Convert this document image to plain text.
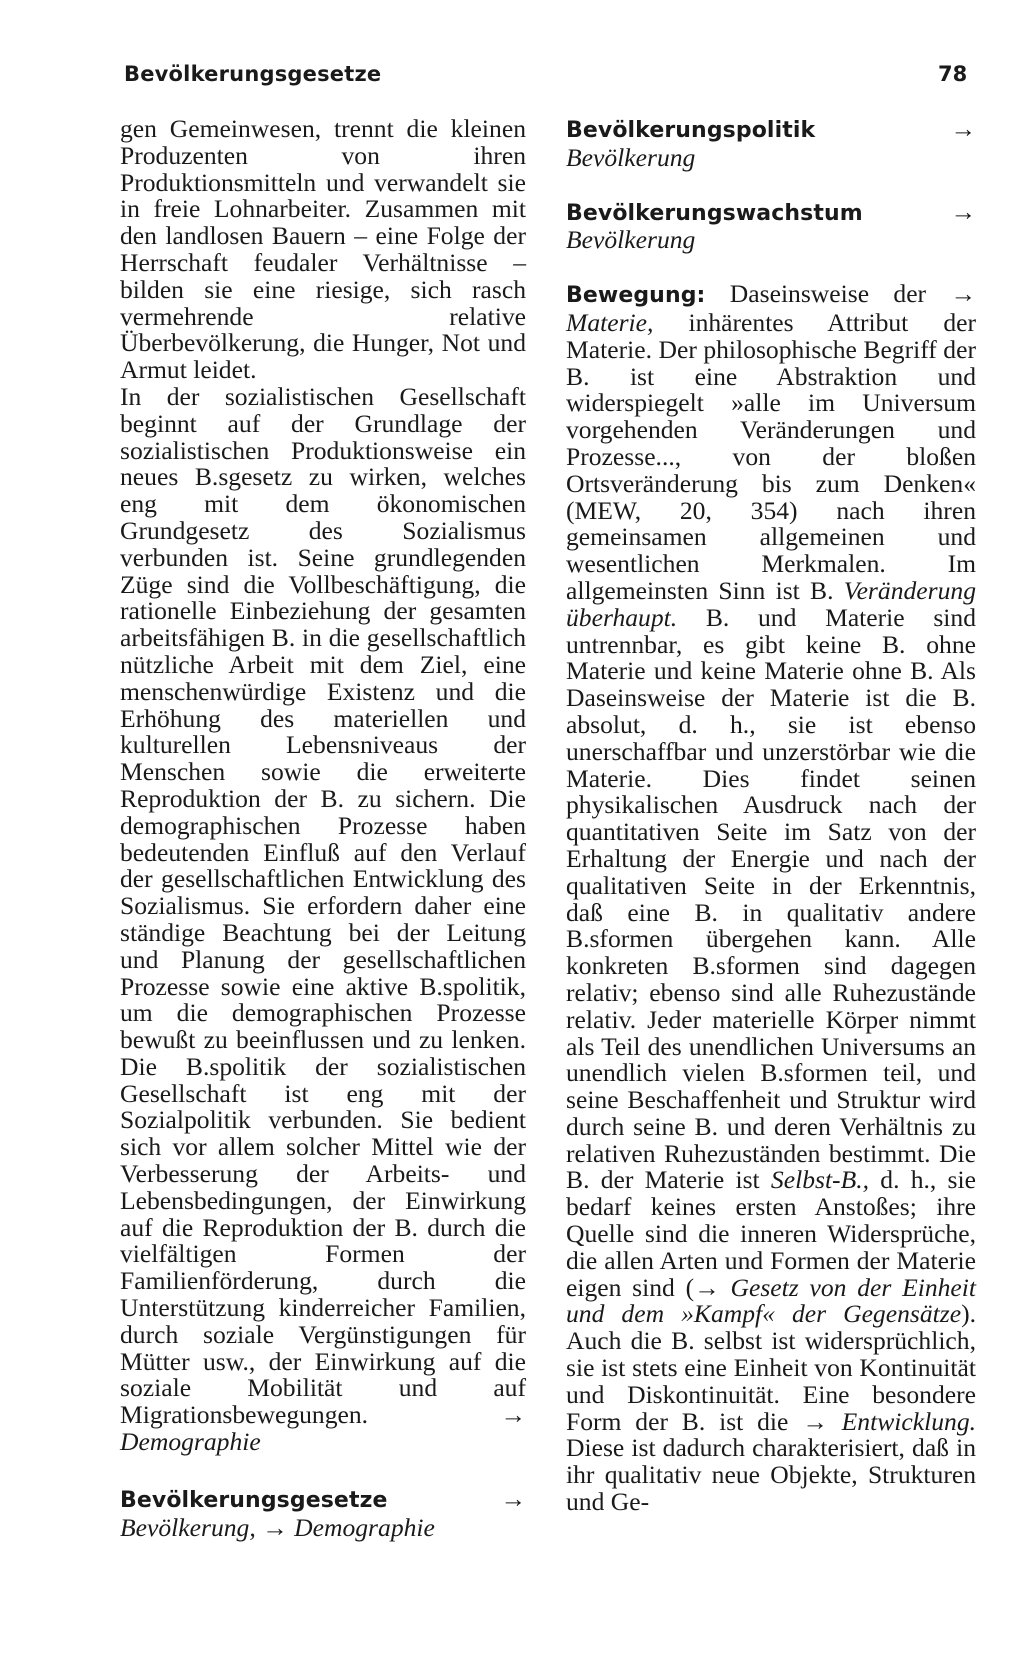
Bevölkerungsgesetze	78

gen Gemeinwesen, trennt die kleinen Produzenten von ihren Produktionsmitteln und verwandelt sie in freie Lohnarbeiter. Zusammen mit den landlosen Bauern – eine Folge der Herrschaft feudaler Verhältnisse – bilden sie eine riesige, sich rasch vermehrende relative Überbevölkerung, die Hunger, Not und Armut leidet.

In der sozialistischen Gesellschaft beginnt auf der Grundlage der sozialistischen Produktionsweise ein neues B.sgesetz zu wirken, welches eng mit dem ökonomischen Grundgesetz des Sozialismus verbunden ist. Seine grundlegenden Züge sind die Vollbeschäftigung, die rationelle Einbeziehung der gesamten arbeitsfähigen B. in die gesellschaftlich nützliche Arbeit mit dem Ziel, eine menschenwürdige Existenz und die Erhöhung des materiellen und kulturellen Lebensniveaus der Menschen sowie die erweiterte Reproduktion der B. zu sichern. Die demographischen Prozesse haben bedeutenden Einfluß auf den Verlauf der gesellschaftlichen Entwicklung des Sozialismus. Sie erfordern daher eine ständige Beachtung bei der Leitung und Planung der gesellschaftlichen Prozesse sowie eine aktive B.spolitik, um die demographischen Prozesse bewußt zu beeinflussen und zu lenken. Die B.spolitik der sozialistischen Gesellschaft ist eng mit der Sozialpolitik verbunden. Sie bedient sich vor allem solcher Mittel wie der Verbesserung der Arbeits- und Lebensbedingungen, der Einwirkung auf die Reproduktion der B. durch die vielfältigen Formen der Familienförderung, durch die Unterstützung kinderreicher Familien, durch soziale Vergünstigungen für Mütter usw., der Einwirkung auf die soziale Mobilität und auf Migrationsbewegungen.	→ Demographie

Bevölkerungsgesetze	→ Bevölkerung, → Demographie

Bevölkerungspolitik	→ Bevölkerung

Bevölkerungswachstum	→ Bevölkerung

Bewegung: Daseinsweise der → Materie, inhärentes Attribut der Materie. Der philosophische Begriff der B. ist eine Abstraktion und widerspiegelt »alle im Universum vorgehenden Veränderungen und Prozesse..., von der bloßen Ortsveränderung bis zum Denken« (MEW, 20, 354) nach ihren gemeinsamen allgemeinen und wesentlichen Merkmalen. Im allgemeinsten Sinn ist B. Veränderung überhaupt. B. und Materie sind untrennbar, es gibt keine B. ohne Materie und keine Materie ohne B. Als Daseinsweise der Materie ist die B. absolut, d. h., sie ist ebenso unerschaffbar und unzerstörbar wie die Materie. Dies findet seinen physikalischen Ausdruck nach der quantitativen Seite im Satz von der Erhaltung der Energie und nach der qualitativen Seite in der Erkenntnis, daß eine B. in qualitativ andere B.sformen übergehen kann. Alle konkreten B.sformen sind dagegen relativ; ebenso sind alle Ruhezustände relativ. Jeder materielle Körper nimmt als Teil des unendlichen Universums an unendlich vielen B.sformen teil, und seine Beschaffenheit und Struktur wird durch seine B. und deren Verhältnis zu relativen Ruhezuständen bestimmt. Die B. der Materie ist Selbst-B., d. h., sie bedarf keines ersten Anstoßes; ihre Quelle sind die inneren Widersprüche, die allen Arten und Formen der Materie eigen sind (→ Gesetz von der Einheit und dem »Kampf« der Gegensätze). Auch die B. selbst ist widersprüchlich, sie ist stets eine Einheit von Kontinuität und Diskontinuität. Eine besondere Form der B. ist die → Entwicklung. Diese ist dadurch charakterisiert, daß in ihr qualitativ neue Objekte, Strukturen und Ge-
